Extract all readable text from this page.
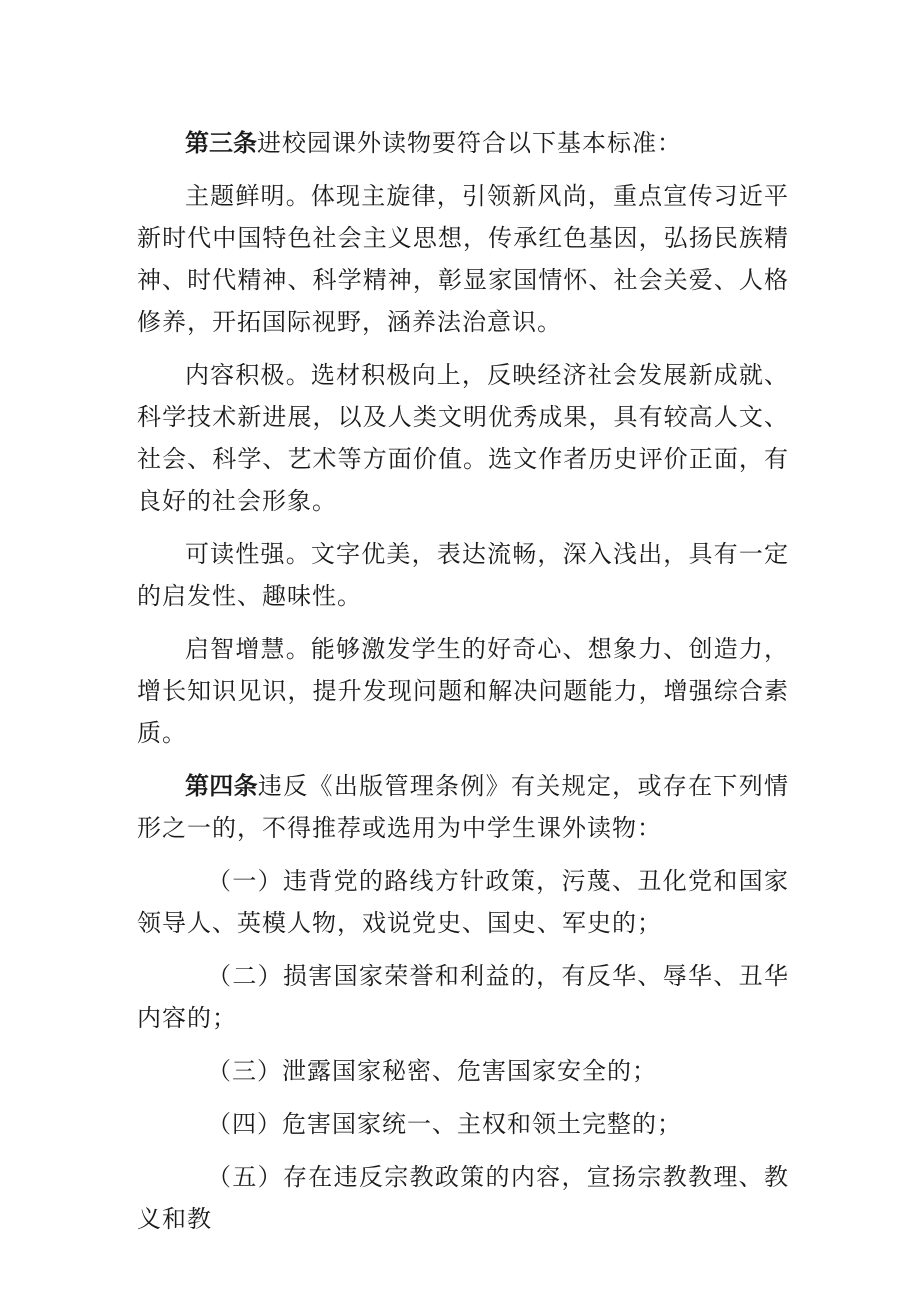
第三条进校园课外读物要符合以下基本标准：

主题鲜明。体现主旋律，引领新风尚，重点宣传习近平新时代中国特色社会主义思想，传承红色基因，弘扬民族精神、时代精神、科学精神，彰显家国情怀、社会关爱、人格修养，开拓国际视野，涵养法治意识。

内容积极。选材积极向上，反映经济社会发展新成就、科学技术新进展，以及人类文明优秀成果，具有较高人文、社会、科学、艺术等方面价值。选文作者历史评价正面，有良好的社会形象。

可读性强。文字优美，表达流畅，深入浅出，具有一定的启发性、趣味性。

启智增慧。能够激发学生的好奇心、想象力、创造力，增长知识见识，提升发现问题和解决问题能力，增强综合素质。

第四条违反《出版管理条例》有关规定，或存在下列情形之一的，不得推荐或选用为中学生课外读物：

（一）违背党的路线方针政策，污蔑、丑化党和国家领导人、英模人物，戏说党史、国史、军史的；

（二）损害国家荣誉和利益的，有反华、辱华、丑华内容的；

（三）泄露国家秘密、危害国家安全的；

（四）危害国家统一、主权和领土完整的；

（五）存在违反宗教政策的内容，宣扬宗教教理、教义和教
